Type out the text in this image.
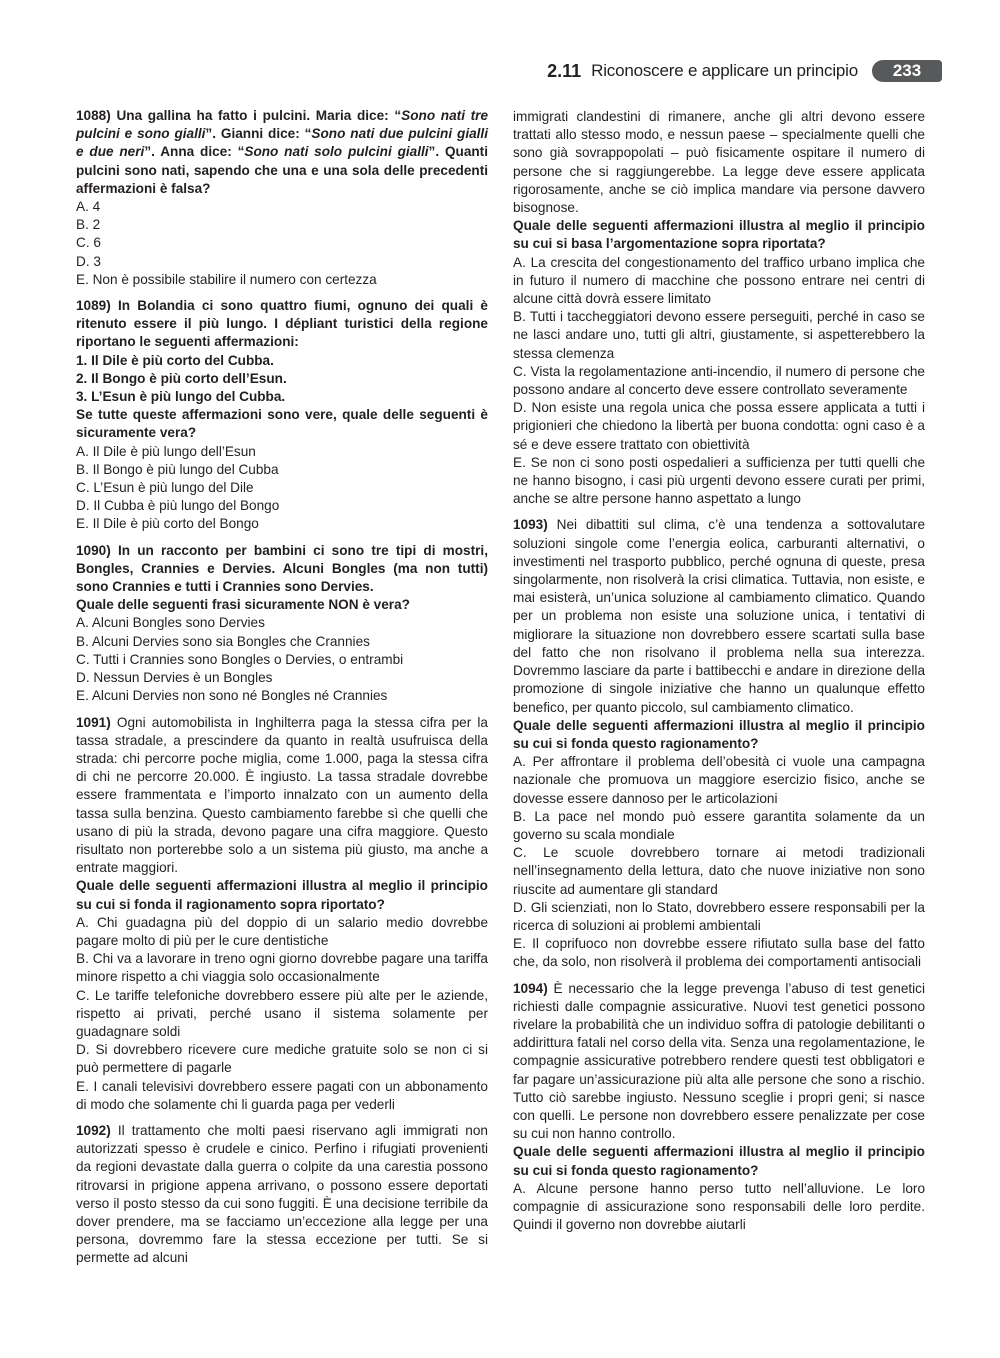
2.11 Riconoscere e applicare un principio	233

1088) Una gallina ha fatto i pulcini. Maria dice: “Sono nati tre pulcini e sono gialli”. Gianni dice: “Sono nati due pulcini gialli e due neri”. Anna dice: “Sono nati solo pulcini gialli”. Quanti pulcini sono nati, sapendo che una e una sola delle precedenti affermazioni è falsa?

A. 4

B. 2

C. 6

D. 3

E. Non è possibile stabilire il numero con certezza

1089) In Bolandia ci sono quattro fiumi, ognuno dei quali è ritenuto essere il più lungo. I dépliant turistici della regione riportano le seguenti affermazioni:

1. Il Dile è più corto del Cubba.

2. Il Bongo è più corto dell’Esun.

3. L’Esun è più lungo del Cubba.

Se tutte queste affermazioni sono vere, quale delle seguenti è sicuramente vera?

A. Il Dile è più lungo dell’Esun

B. Il Bongo è più lungo del Cubba

C. L’Esun è più lungo del Dile

D. Il Cubba è più lungo del Bongo

E. Il Dile è più corto del Bongo

1090) In un racconto per bambini ci sono tre tipi di mostri, Bongles, Crannies e Dervies. Alcuni Bongles (ma non tutti) sono Crannies e tutti i Crannies sono Dervies.

Quale delle seguenti frasi sicuramente NON è vera?

A. Alcuni Bongles sono Dervies

B. Alcuni Dervies sono sia Bongles che Crannies

C. Tutti i Crannies sono Bongles o Dervies, o entrambi

D. Nessun Dervies è un Bongles

E. Alcuni Dervies non sono né Bongles né Crannies

1091) Ogni automobilista in Inghilterra paga la stessa cifra per la tassa stradale, a prescindere da quanto in realtà usufruisca della strada: chi percorre poche miglia, come 1.000, paga la stessa cifra di chi ne percorre 20.000. È ingiusto. La tassa stradale dovrebbe essere frammentata e l’importo innalzato con un aumento della tassa sulla benzina. Questo cambiamento farebbe sì che quelli che usano di più la strada, devono pagare una cifra maggiore. Questo risultato non porterebbe solo a un sistema più giusto, ma anche a entrate maggiori.

Quale delle seguenti affermazioni illustra al meglio il principio su cui si fonda il ragionamento sopra riportato?

A. Chi guadagna più del doppio di un salario medio dovrebbe pagare molto di più per le cure dentistiche

B. Chi va a lavorare in treno ogni giorno dovrebbe pagare una tariffa minore rispetto a chi viaggia solo occasionalmente

C. Le tariffe telefoniche dovrebbero essere più alte per le aziende, rispetto ai privati, perché usano il sistema solamente per guadagnare soldi

D. Si dovrebbero ricevere cure mediche gratuite solo se non ci si può permettere di pagarle

E. I canali televisivi dovrebbero essere pagati con un abbonamento di modo che solamente chi li guarda paga per vederli

1092) Il trattamento che molti paesi riservano agli immigrati non autorizzati spesso è crudele e cinico. Perfino i rifugiati provenienti da regioni devastate dalla guerra o colpite da una carestia possono ritrovarsi in prigione appena arrivano, o possono essere deportati verso il posto stesso da cui sono fuggiti. È una decisione terribile da dover prendere, ma se facciamo un’eccezione alla legge per una persona, dovremmo fare la stessa eccezione per tutti. Se si permette ad alcuni

immigrati clandestini di rimanere, anche gli altri devono essere trattati allo stesso modo, e nessun paese – specialmente quelli che sono già sovrappopolati – può fisicamente ospitare il numero di persone che si raggiungerebbe. La legge deve essere applicata rigorosamente, anche se ciò implica mandare via persone davvero bisognose.

Quale delle seguenti affermazioni illustra al meglio il principio su cui si basa l’argomentazione sopra riportata?

A. La crescita del congestionamento del traffico urbano implica che in futuro il numero di macchine che possono entrare nei centri di alcune città dovrà essere limitato

B. Tutti i taccheggiatori devono essere perseguiti, perché in caso se ne lasci andare uno, tutti gli altri, giustamente, si aspetterebbero la stessa clemenza

C. Vista la regolamentazione anti-incendio, il numero di persone che possono andare al concerto deve essere controllato severamente

D. Non esiste una regola unica che possa essere applicata a tutti i prigionieri che chiedono la libertà per buona condotta: ogni caso è a sé e deve essere trattato con obiettività

E. Se non ci sono posti ospedalieri a sufficienza per tutti quelli che ne hanno bisogno, i casi più urgenti devono essere curati per primi, anche se altre persone hanno aspettato a lungo

1093) Nei dibattiti sul clima, c’è una tendenza a sottovalutare soluzioni singole come l’energia eolica, carburanti alternativi, o investimenti nel trasporto pubblico, perché ognuna di queste, presa singolarmente, non risolverà la crisi climatica. Tuttavia, non esiste, e mai esisterà, un’unica soluzione al cambiamento climatico. Quando per un problema non esiste una soluzione unica, i tentativi di migliorare la situazione non dovrebbero essere scartati sulla base del fatto che non risolvano il problema nella sua interezza. Dovremmo lasciare da parte i battibecchi e andare in direzione della promozione di singole iniziative che hanno un qualunque effetto benefico, per quanto piccolo, sul cambiamento climatico.

Quale delle seguenti affermazioni illustra al meglio il principio su cui si fonda questo ragionamento?

A. Per affrontare il problema dell’obesità ci vuole una campagna nazionale che promuova un maggiore esercizio fisico, anche se dovesse essere dannoso per le articolazioni

B. La pace nel mondo può essere garantita solamente da un governo su scala mondiale

C. Le scuole dovrebbero tornare ai metodi tradizionali nell’insegnamento della lettura, dato che nuove iniziative non sono riuscite ad aumentare gli standard

D. Gli scienziati, non lo Stato, dovrebbero essere responsabili per la ricerca di soluzioni ai problemi ambientali

E. Il coprifuoco non dovrebbe essere rifiutato sulla base del fatto che, da solo, non risolverà il problema dei comportamenti antisociali

1094) È necessario che la legge prevenga l’abuso di test genetici richiesti dalle compagnie assicurative. Nuovi test genetici possono rivelare la probabilità che un individuo soffra di patologie debilitanti o addirittura fatali nel corso della vita. Senza una regolamentazione, le compagnie assicurative potrebbero rendere questi test obbligatori e far pagare un’assicurazione più alta alle persone che sono a rischio. Tutto ciò sarebbe ingiusto. Nessuno sceglie i propri geni; si nasce con quelli. Le persone non dovrebbero essere penalizzate per cose su cui non hanno controllo.

Quale delle seguenti affermazioni illustra al meglio il principio su cui si fonda questo ragionamento?

A. Alcune persone hanno perso tutto nell’alluvione. Le loro compagnie di assicurazione sono responsabili delle loro perdite. Quindi il governo non dovrebbe aiutarli
